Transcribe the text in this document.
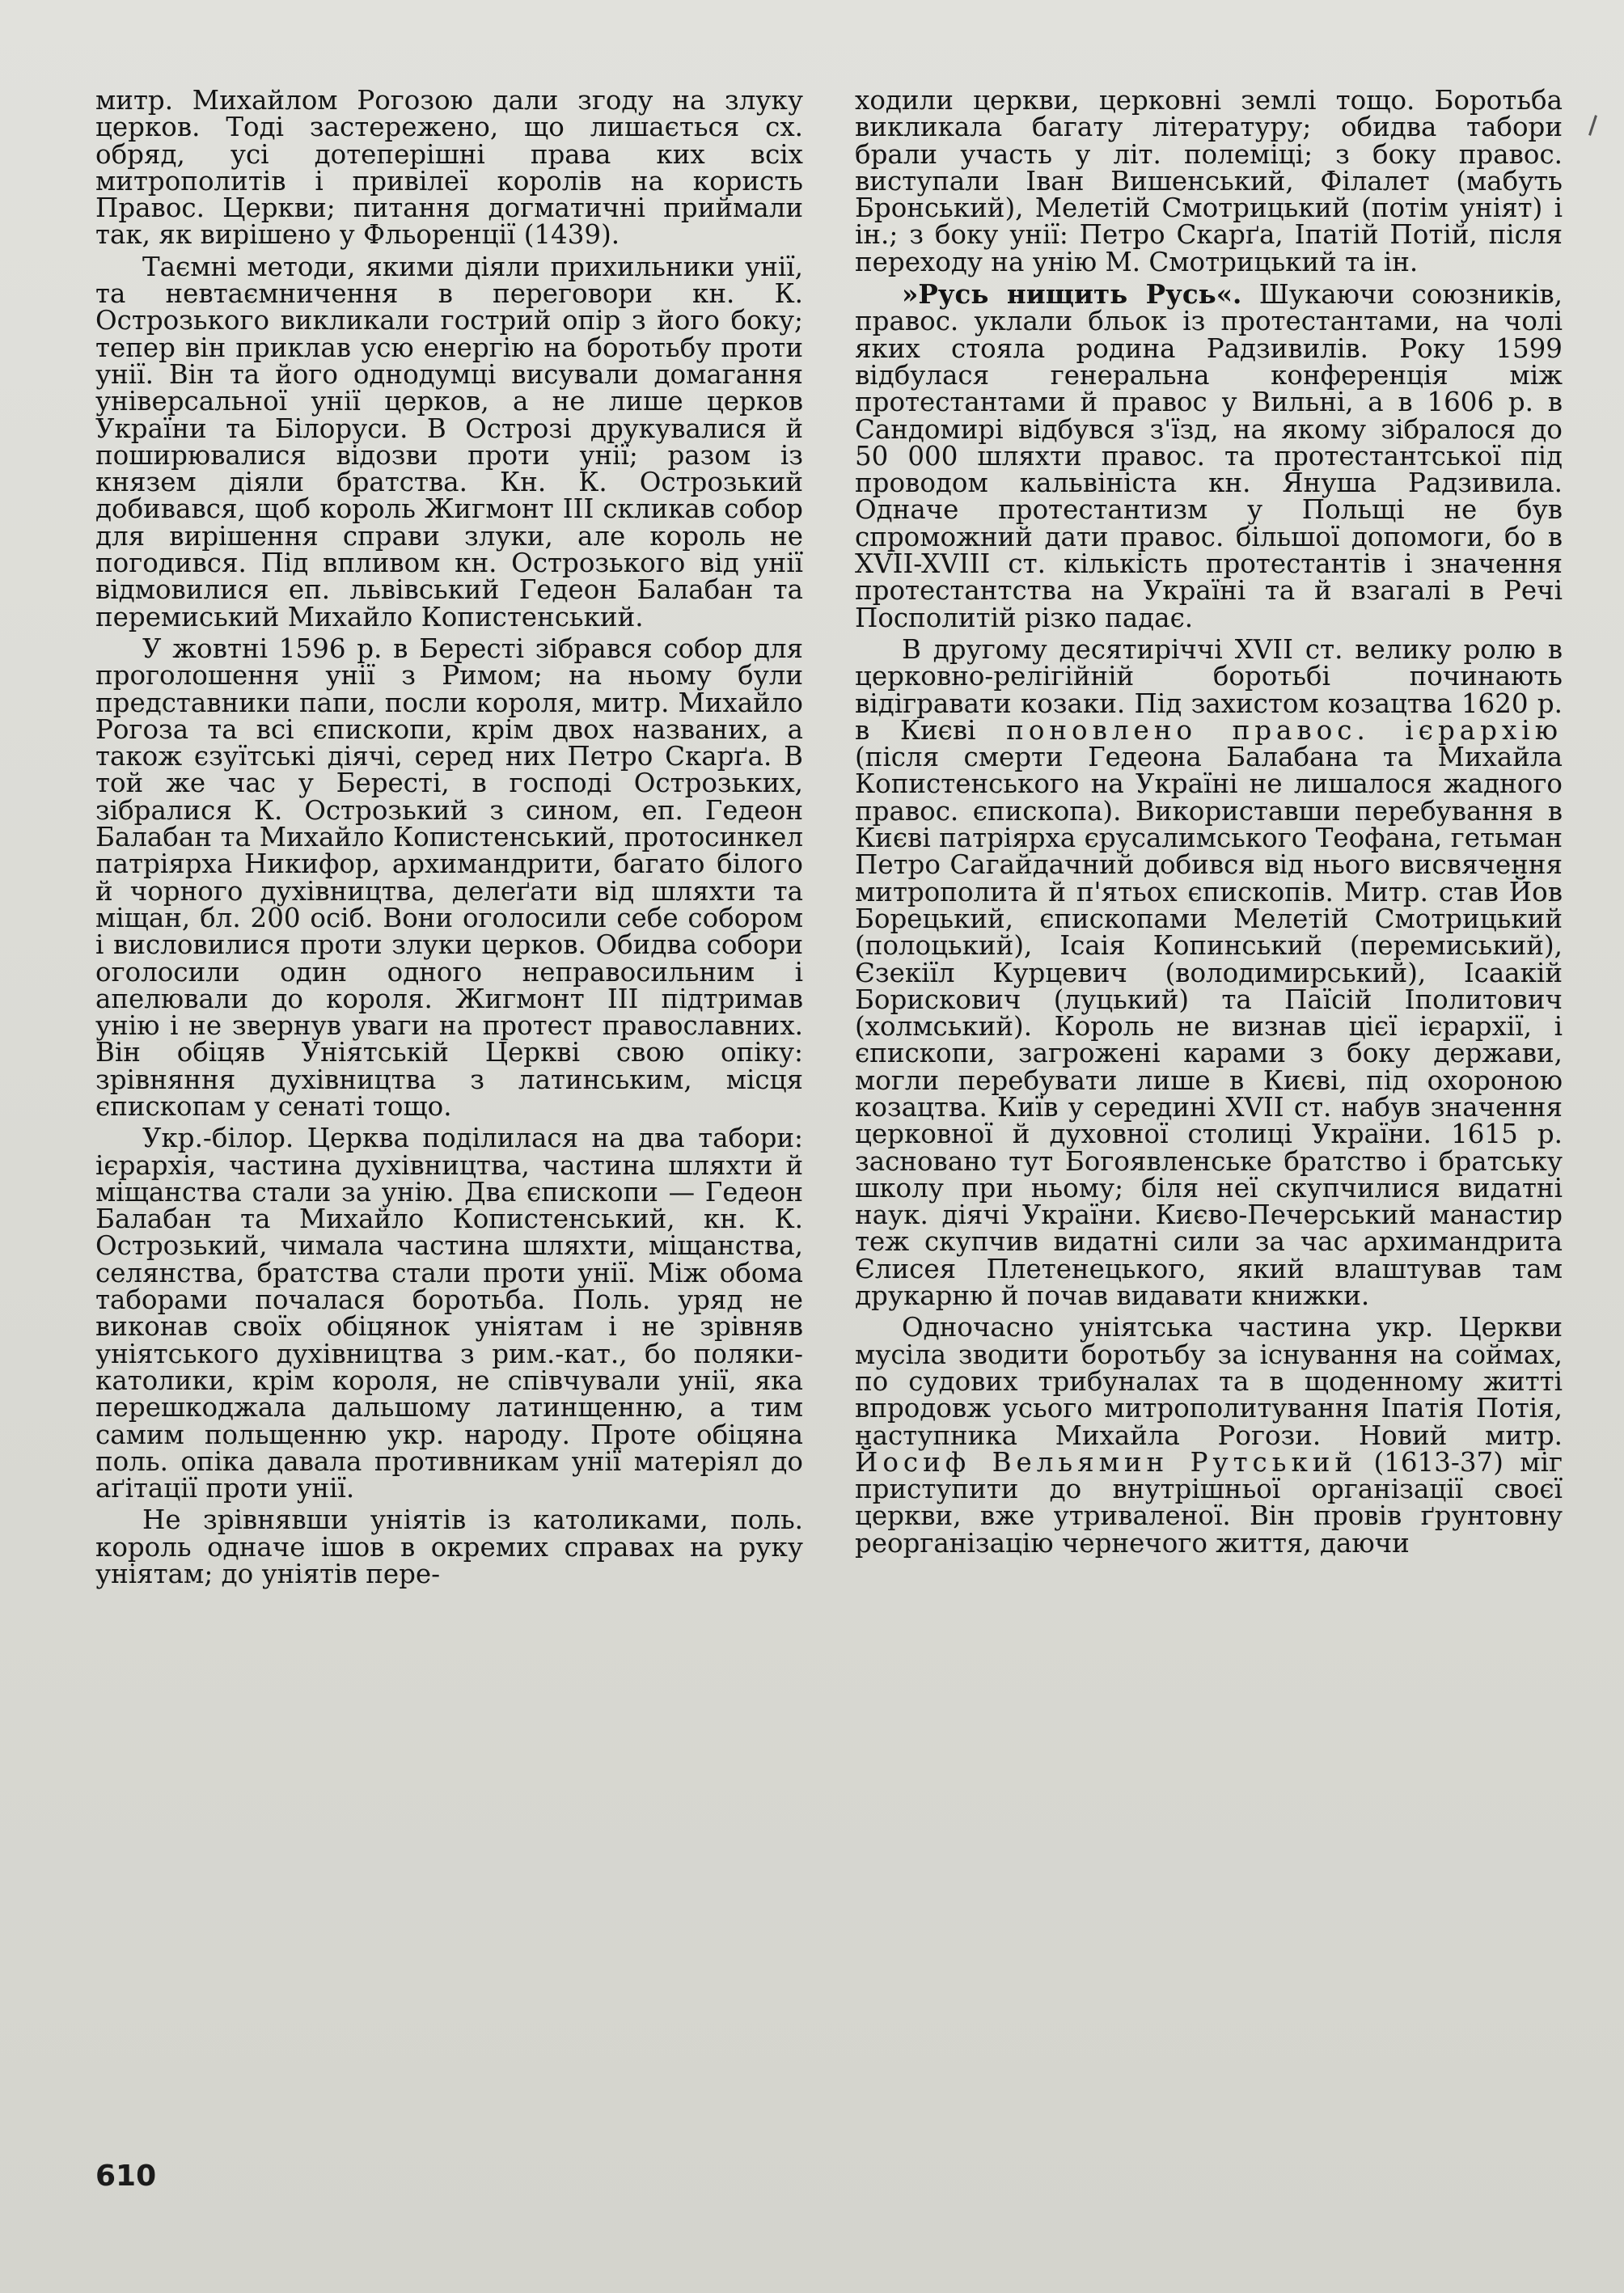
митр. Михайлом Рогозою дали згоду на злуку церков. Тоді застережено, що лишається сх. обряд, усі дотеперішні права ких всіх митрополитів і привілеї королів на користь Правос. Церкви; питання догматичні приймали так, як вирішено у Фльоренції (1439).

Таємні методи, якими діяли прихильники унії, та невтаємничення в переговори кн. К. Острозького викликали гострий опір з його боку; тепер він приклав усю енергію на боротьбу проти унії. Він та його однодумці висували домагання універсальної унії церков, а не лише церков України та Білоруси. В Острозі друкувалися й поширювалися відозви проти унії; разом із князем діяли братства. Кн. К. Острозький добивався, щоб король Жигмонт III скликав собор для вирішення справи злуки, але король не погодився. Під впливом кн. Острозького від унії відмовилися еп. львівський Гедеон Балабан та перемиський Михайло Копистенський.

У жовтні 1596 р. в Бересті зібрався собор для проголошення унії з Римом; на ньому були представники папи, посли короля, митр. Михайло Рогоза та всі єпископи, крім двох названих, а також єзуїтські діячі, серед них Петро Скарґа. В той же час у Бересті, в господі Острозьких, зібралися К. Острозький з сином, еп. Гедеон Балабан та Михайло Копистенський, протосинкел патріярха Никифор, архимандрити, багато білого й чорного духівництва, делеґати від шляхти та міщан, бл. 200 осіб. Вони оголосили себе собором і висловилися проти злуки церков. Обидва собори оголосили один одного неправосильним і апелювали до короля. Жигмонт III підтримав унію і не звернув уваги на протест православних. Він обіцяв Уніятській Церкві свою опіку: зрівняння духівництва з латинським, місця єпископам у сенаті тощо.

Укр.-білор. Церква поділилася на два табори: ієрархія, частина духівництва, частина шляхти й міщанства стали за унію. Два єпископи — Гедеон Балабан та Михайло Копистенський, кн. К. Острозький, чимала частина шляхти, міщанства, селянства, братства стали проти унії. Між обома таборами почалася боротьба. Поль. уряд не виконав своїх обіцянок уніятам і не зрівняв уніятського духівництва з рим.-кат., бо поляки-католики, крім короля, не співчували унії, яка перешкоджала дальшому латинщенню, а тим самим польщенню укр. народу. Проте обіцяна поль. опіка давала противникам унії матеріял до аґітації проти унії.

Не зрівнявши уніятів із католиками, поль. король одначе ішов в окремих справах на руку уніятам; до уніятів пере-

ходили церкви, церковні землі тощо. Боротьба викликала багату літературу; обидва табори брали участь у літ. полеміці; з боку правос. виступали Іван Вишенський, Філалет (мабуть Бронський), Мелетій Смотрицький (потім уніят) і ін.; з боку унії: Петро Скарґа, Іпатій Потій, після переходу на унію М. Смотрицький та ін.

»Русь нищить Русь«. Шукаючи союзників, правос. уклали бльок із протестантами, на чолі яких стояла родина Радзивилів. Року 1599 відбулася генеральна конференція між протестантами й правос у Вильні, а в 1606 р. в Сандомирі відбувся з'їзд, на якому зібралося до 50 000 шляхти правос. та протестантської під проводом кальвініста кн. Януша Радзивила. Одначе протестантизм у Польщі не був спроможний дати правос. більшої допомоги, бо в XVII-XVIII ст. кількість протестантів і значення протестантства на Україні та й взагалі в Речі Посполитій різко падає.

В другому десятиріччі XVII ст. велику ролю в церковно-релігійній боротьбі починають відігравати козаки. Під захистом козацтва 1620 р. в Києві поновлено правос. ієрархію (після смерти Гедеона Балабана та Михайла Копистенського на Україні не лишалося жадного правос. єпископа). Використавши перебування в Києві патріярха єрусалимського Теофана, гетьман Петро Сагайдачний добився від нього висвячення митрополита й п'ятьох єпископів. Митр. став Йов Борецький, єпископами Мелетій Смотрицький (полоцький), Ісаія Копинський (перемиський), Єзекіїл Курцевич (володимирський), Ісаакій Борискович (луцький) та Паїсій Іполитович (холмський). Король не визнав цієї ієрархії, і єпископи, загрожені карами з боку держави, могли перебувати лише в Києві, під охороною козацтва. Київ у середині XVII ст. набув значення церковної й духовної столиці України. 1615 р. засновано тут Богоявленське братство і братську школу при ньому; біля неї скупчилися видатні наук. діячі України. Києво-Печерський манастир теж скупчив видатні сили за час архимандрита Єлисея Плетенецького, який влаштував там друкарню й почав видавати книжки.

Одночасно уніятська частина укр. Церкви мусіла зводити боротьбу за існування на соймах, по судових трибуналах та в щоденному житті впродовж усього митрополитування Іпатія Потія, наступника Михайла Рогози. Новий митр. Йосиф Вельямин Рутський (1613-37) міг приступити до внутрішньої організації своєї церкви, вже утриваленої. Він провів ґрунтовну реорганізацію чернечого життя, даючи

610
